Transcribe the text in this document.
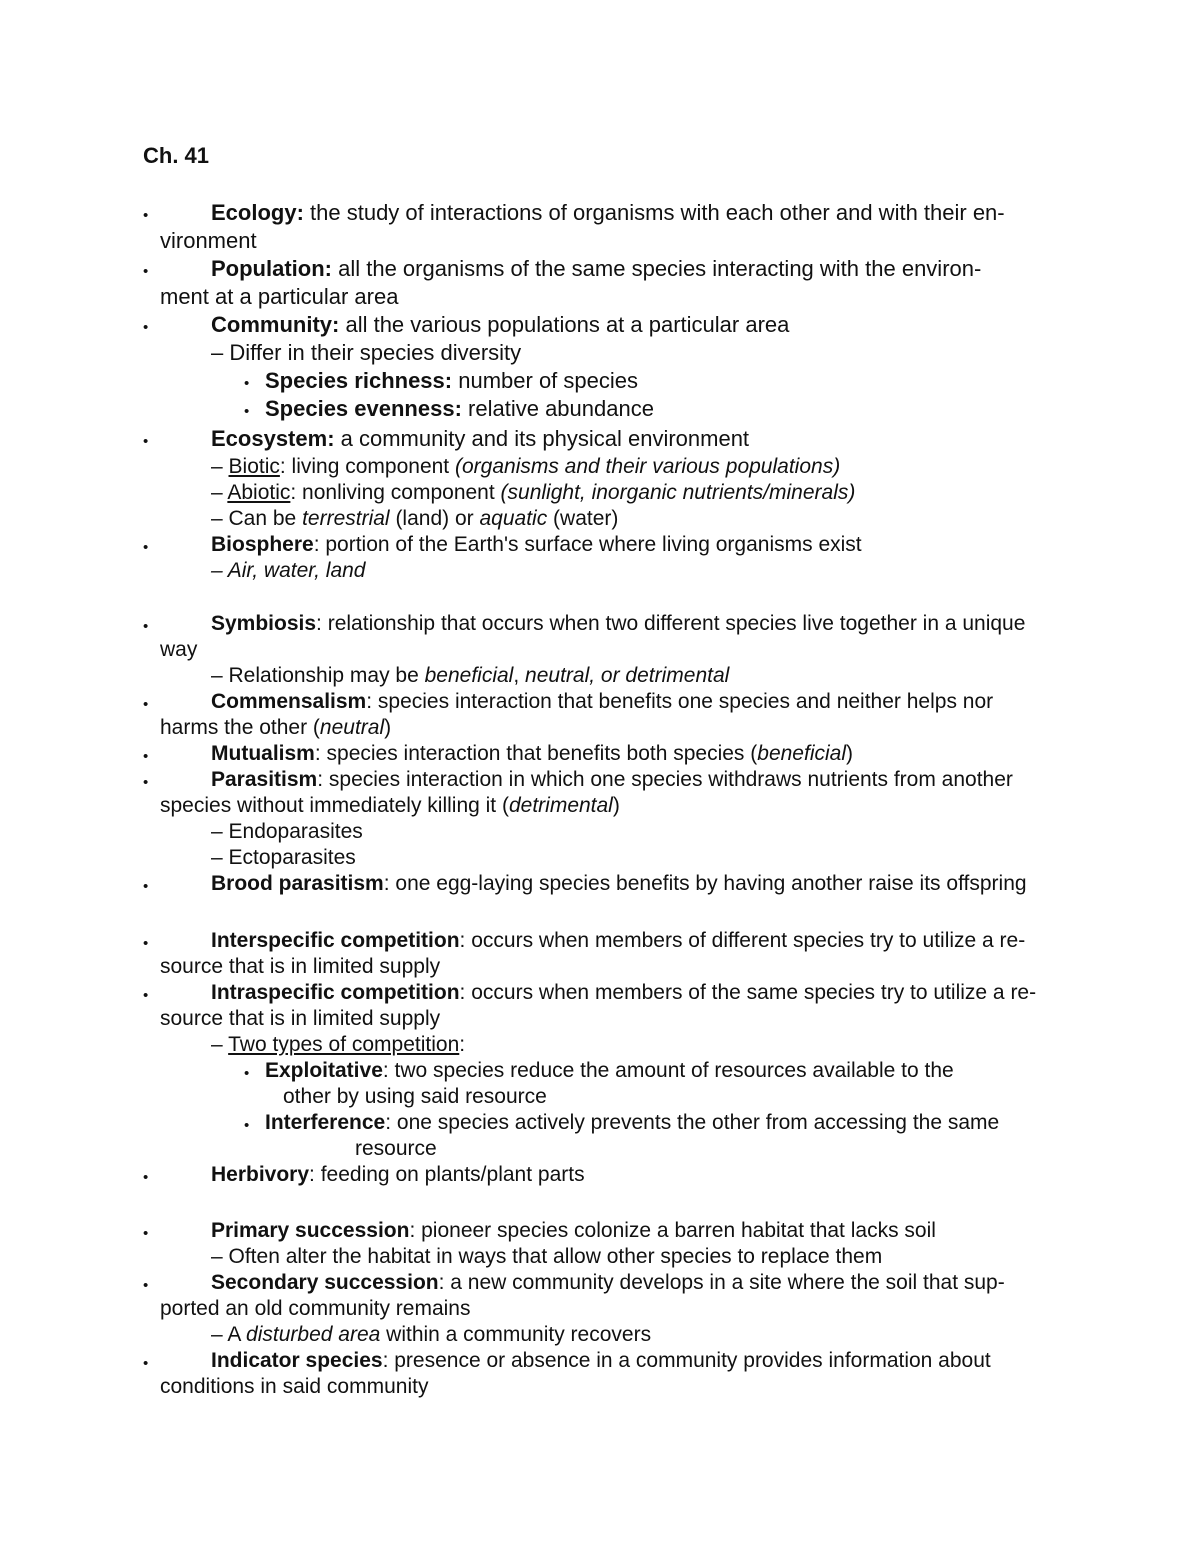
Ch. 41
•	Ecology: the study of interactions of organisms with each other and with their en-
vironment
•	Population: all the organisms of the same species interacting with the environ-
ment at a particular area
•	Community: all the various populations at a particular area
– Differ in their species diversity
• Species richness: number of species
• Species evenness: relative abundance
•	Ecosystem: a community and its physical environment
– Biotic: living component (organisms and their various populations)
– Abiotic: nonliving component (sunlight, inorganic nutrients/minerals)
– Can be terrestrial (land) or aquatic (water)
•	Biosphere: portion of the Earth's surface where living organisms exist
– Air, water, land
•	Symbiosis: relationship that occurs when two different species live together in a unique
way
– Relationship may be beneficial, neutral, or detrimental
•	Commensalism: species interaction that benefits one species and neither helps nor
harms the other (neutral)
•	Mutualism: species interaction that benefits both species (beneficial)
•	Parasitism: species interaction in which one species withdraws nutrients from another
species without immediately killing it (detrimental)
– Endoparasites
– Ectoparasites
•	Brood parasitism: one egg-laying species benefits by having another raise its offspring
•	Interspecific competition: occurs when members of different species try to utilize a re-
source that is in limited supply
•	Intraspecific competition: occurs when members of the same species try to utilize a re-
source that is in limited supply
– Two types of competition:
• Exploitative: two species reduce the amount of resources available to the
other by using said resource
• Interference: one species actively prevents the other from accessing the same
resource
•	Herbivory: feeding on plants/plant parts
•	Primary succession: pioneer species colonize a barren habitat that lacks soil
– Often alter the habitat in ways that allow other species to replace them
•	Secondary succession: a new community develops in a site where the soil that sup-
ported an old community remains
– A disturbed area within a community recovers
•	Indicator species: presence or absence in a community provides information about
conditions in said community
